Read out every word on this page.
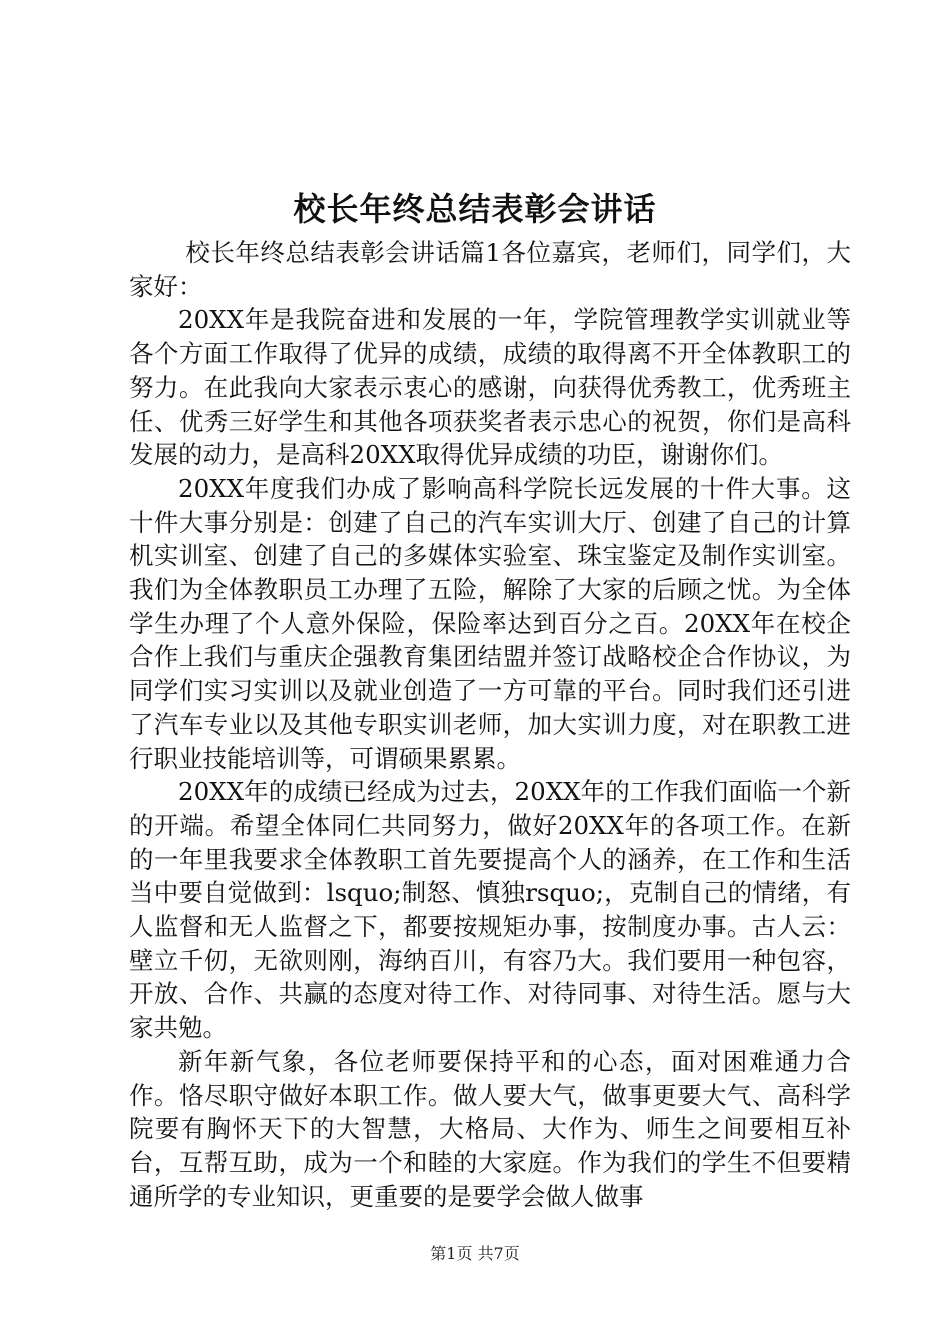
校长年终总结表彰会讲话

校长年终总结表彰会讲话篇1各位嘉宾，老师们，同学们，大家好：

20XX年是我院奋进和发展的一年，学院管理教学实训就业等各个方面工作取得了优异的成绩，成绩的取得离不开全体教职工的努力。在此我向大家表示衷心的感谢，向获得优秀教工，优秀班主任、优秀三好学生和其他各项获奖者表示忠心的祝贺，你们是高科发展的动力，是高科20XX取得优异成绩的功臣，谢谢你们。

20XX年度我们办成了影响高科学院长远发展的十件大事。这十件大事分别是：创建了自己的汽车实训大厅、创建了自己的计算机实训室、创建了自己的多媒体实验室、珠宝鉴定及制作实训室。我们为全体教职员工办理了五险，解除了大家的后顾之忧。为全体学生办理了个人意外保险，保险率达到百分之百。20XX年在校企合作上我们与重庆企强教育集团结盟并签订战略校企合作协议，为同学们实习实训以及就业创造了一方可靠的平台。同时我们还引进了汽车专业以及其他专职实训老师，加大实训力度，对在职教工进行职业技能培训等，可谓硕果累累。

20XX年的成绩已经成为过去，20XX年的工作我们面临一个新的开端。希望全体同仁共同努力，做好20XX年的各项工作。在新的一年里我要求全体教职工首先要提高个人的涵养，在工作和生活当中要自觉做到：lsquo;制怒、慎独rsquo;，克制自己的情绪，有人监督和无人监督之下，都要按规矩办事，按制度办事。古人云：壁立千仞，无欲则刚，海纳百川，有容乃大。我们要用一种包容，开放、合作、共赢的态度对待工作、对待同事、对待生活。愿与大家共勉。

新年新气象，各位老师要保持平和的心态，面对困难通力合作。恪尽职守做好本职工作。做人要大气，做事更要大气、高科学院要有胸怀天下的大智慧，大格局、大作为、师生之间要相互补台，互帮互助，成为一个和睦的大家庭。作为我们的学生不但要精通所学的专业知识，更重要的是要学会做人做事

第1页 共7页
